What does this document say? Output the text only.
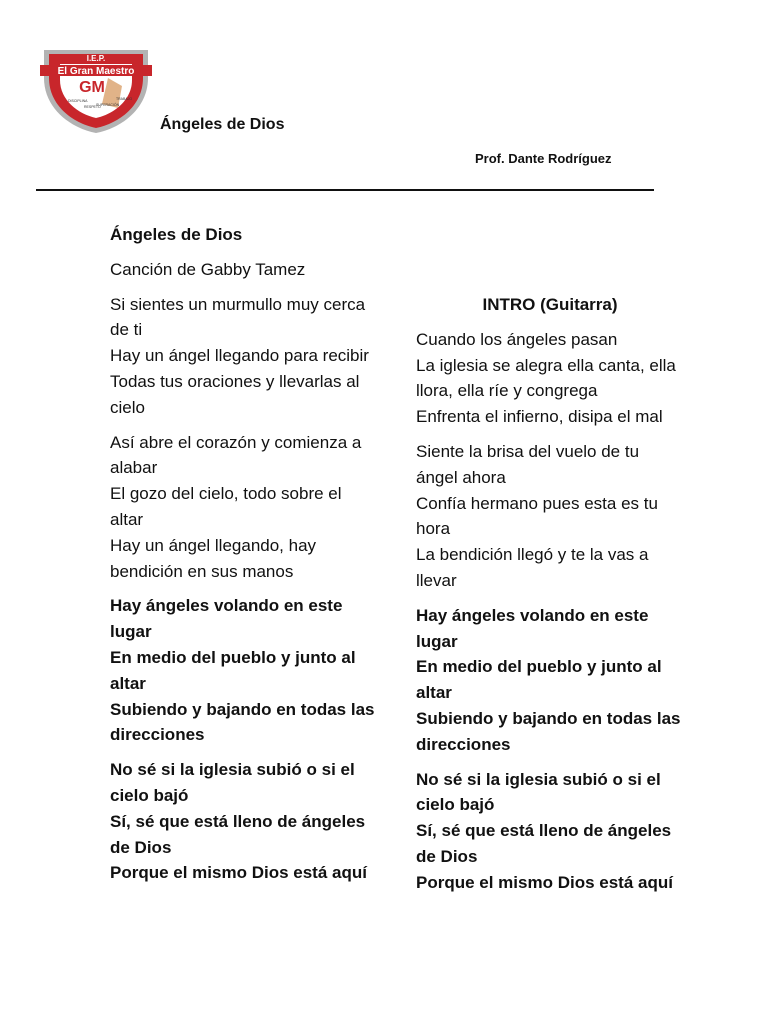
I.E.P.
El Gran Maestro
GM
DISCIPLINA
RESPETO
SUPERACIÓN
TRABAJO
Ángeles de Dios
Prof. Dante Rodríguez

Ángeles de Dios

Canción de Gabby Tamez

Si sientes un murmullo muy cerca de ti
Hay un ángel llegando para recibir
Todas tus oraciones y llevarlas al cielo

Así abre el corazón y comienza a alabar
El gozo del cielo, todo sobre el altar
Hay un ángel llegando, hay bendición en sus manos

Hay ángeles volando en este lugar
En medio del pueblo y junto al altar
Subiendo y bajando en todas las direcciones

No sé si la iglesia subió o si el cielo bajó
Sí, sé que está lleno de ángeles de Dios
Porque el mismo Dios está aquí

INTRO (Guitarra)

Cuando los ángeles pasan
La iglesia se alegra ella canta, ella llora, ella ríe y congrega
Enfrenta el infierno, disipa el mal

Siente la brisa del vuelo de tu ángel ahora
Confía hermano pues esta es tu hora
La bendición llegó y te la vas a llevar

Hay ángeles volando en este lugar
En medio del pueblo y junto al altar
Subiendo y bajando en todas las direcciones

No sé si la iglesia subió o si el cielo bajó
Sí, sé que está lleno de ángeles de Dios
Porque el mismo Dios está aquí
